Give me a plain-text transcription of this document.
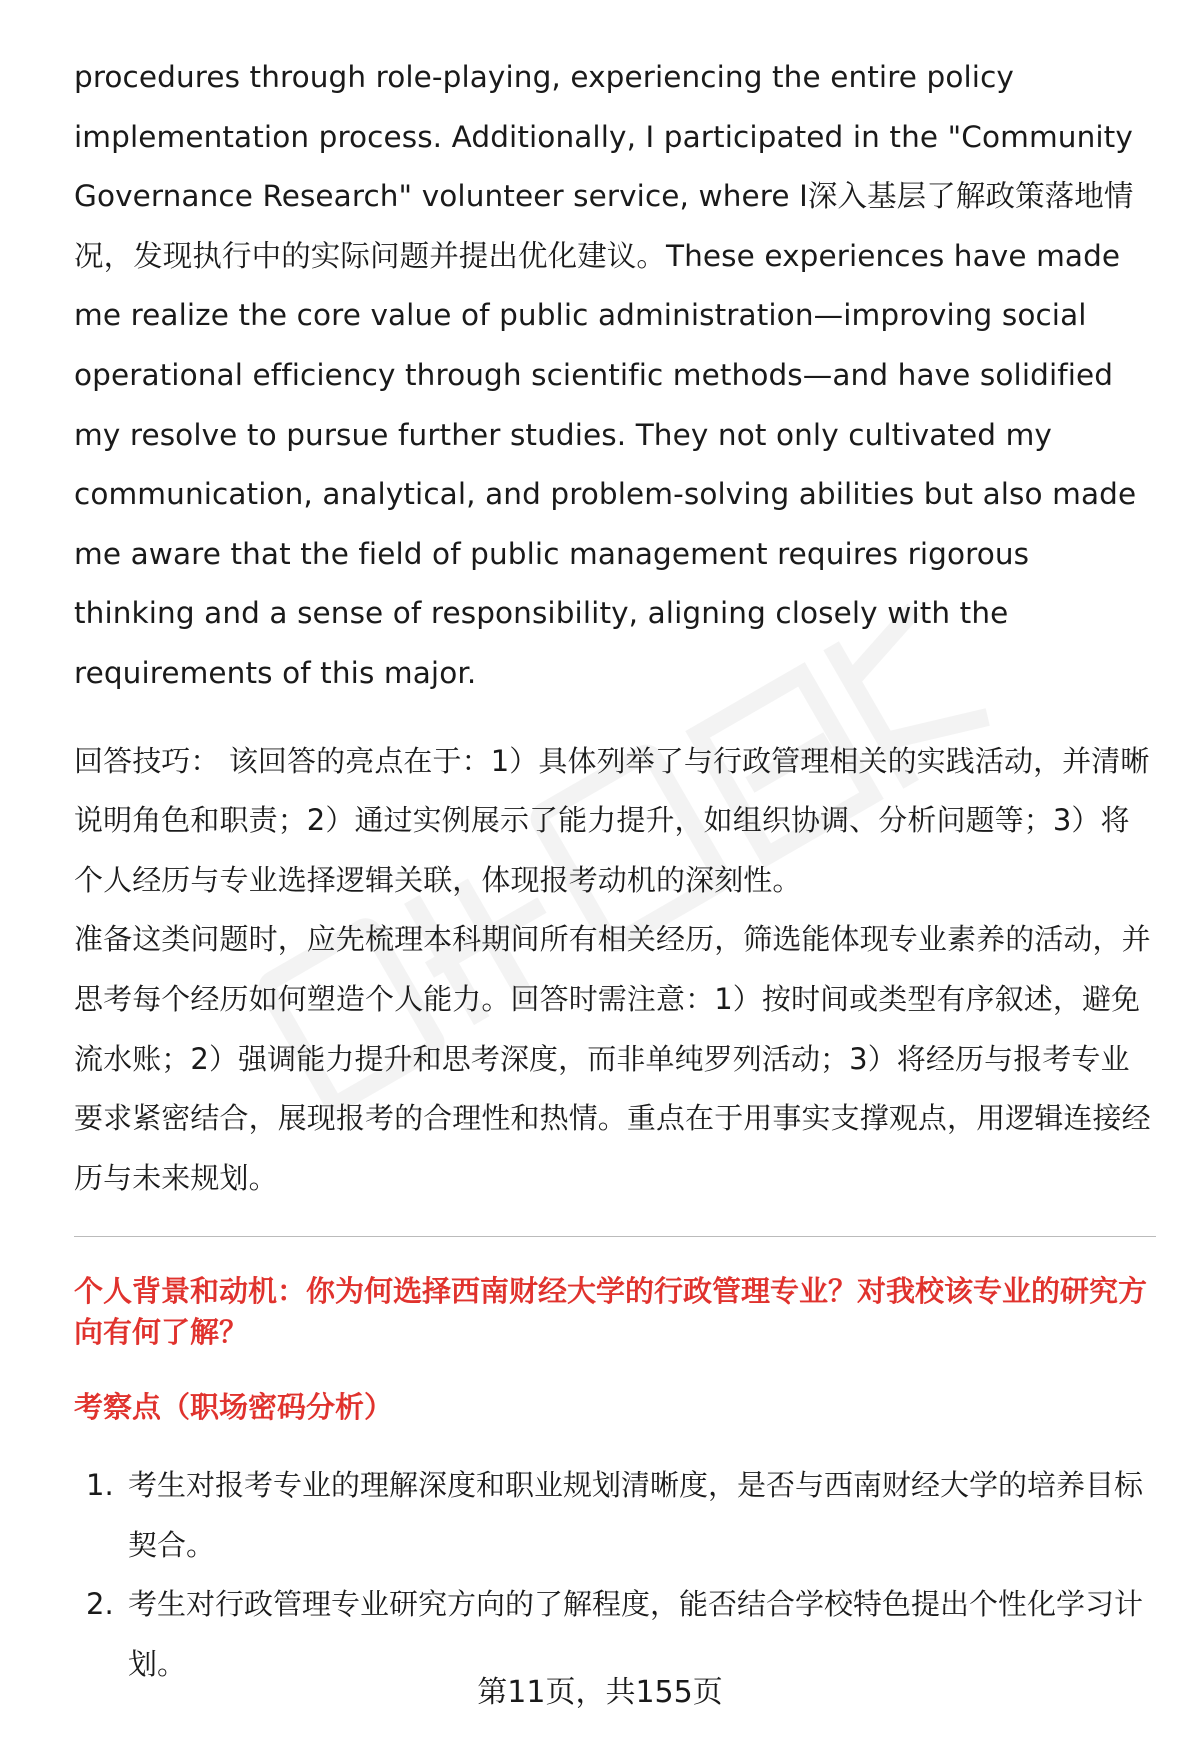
procedures through role-playing, experiencing the entire policy implementation process. Additionally, I participated in the "Community Governance Research" volunteer service, where I深入基层了解政策落地情况，发现执行中的实际问题并提出优化建议。These experiences have made me realize the core value of public administration—improving social operational efficiency through scientific methods—and have solidified my resolve to pursue further studies. They not only cultivated my communication, analytical, and problem-solving abilities but also made me aware that the field of public management requires rigorous thinking and a sense of responsibility, aligning closely with the requirements of this major.

回答技巧： 该回答的亮点在于：1）具体列举了与行政管理相关的实践活动，并清晰说明角色和职责；2）通过实例展示了能力提升，如组织协调、分析问题等；3）将个人经历与专业选择逻辑关联，体现报考动机的深刻性。

准备这类问题时，应先梳理本科期间所有相关经历，筛选能体现专业素养的活动，并思考每个经历如何塑造个人能力。回答时需注意：1）按时间或类型有序叙述，避免流水账；2）强调能力提升和思考深度，而非单纯罗列活动；3）将经历与报考专业要求紧密结合，展现报考的合理性和热情。重点在于用事实支撑观点，用逻辑连接经历与未来规划。

个人背景和动机：你为何选择西南财经大学的行政管理专业？对我校该专业的研究方向有何了解？
考察点（职场密码分析）
1. 考生对报考专业的理解深度和职业规划清晰度，是否与西南财经大学的培养目标契合。
2. 考生对行政管理专业研究方向的了解程度，能否结合学校特色提出个性化学习计划。
第11页，共155页
